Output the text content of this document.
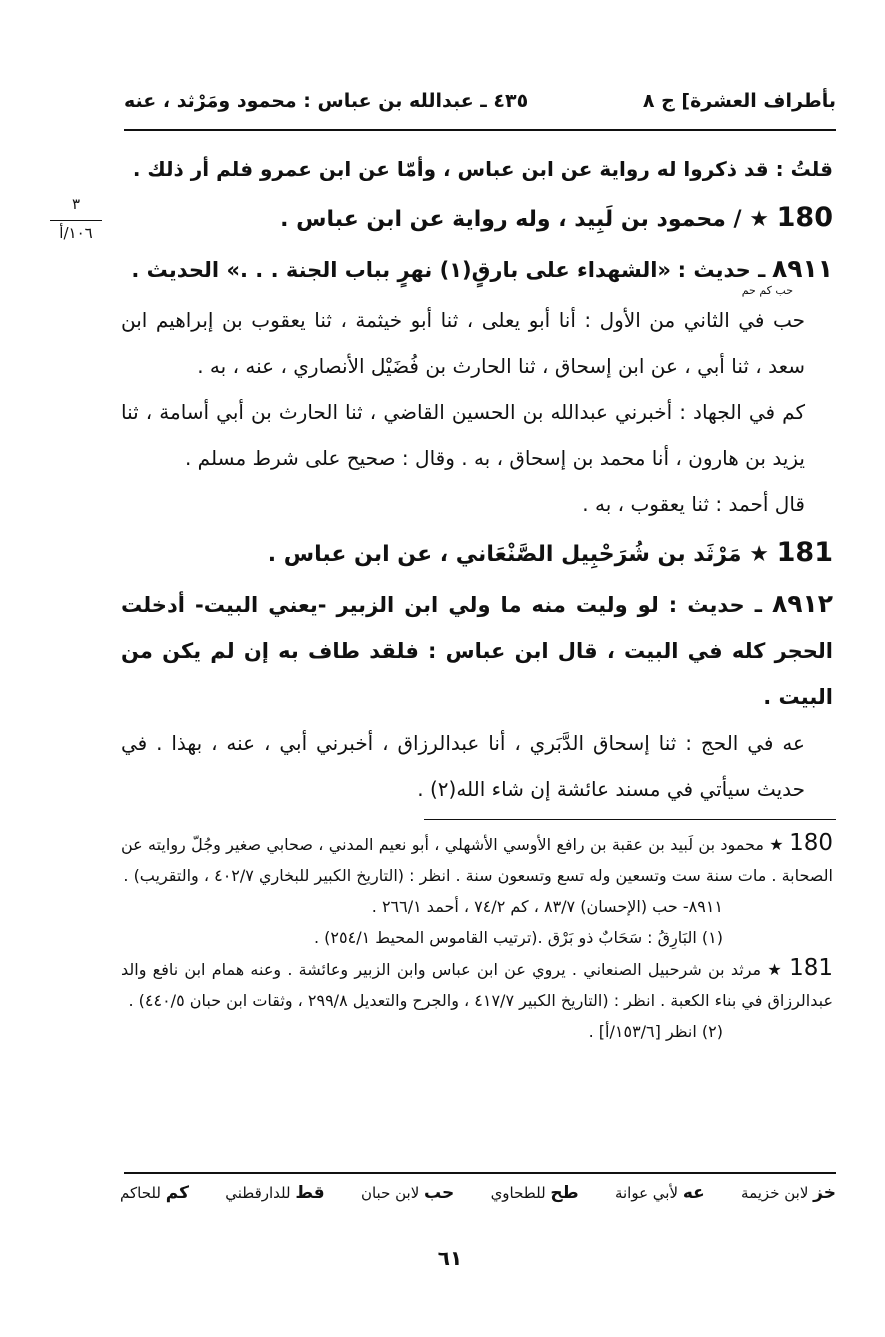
بأطراف العشرة] ج ٨
٤٣٥ ـ عبدالله بن عباس : محمود ومَرْثد ، عنه
٣
١٠٦/أ

قلتُ : قد ذكروا له رواية عن ابن عباس ، وأمّا عن ابن عمرو فلم أر ذلك .

180 ★ / محمود بن لَبِيد ، وله رواية عن ابن عباس .

٨٩١١ ـ حديث : «الشهداء على بارقٍ(١) نهرٍ بباب الجنة . . .» الحديث .
حب كم حم

حب في الثاني من الأول : أنا أبو يعلى ، ثنا أبو خيثمة ، ثنا يعقوب بن إبراهيم ابن سعد ، ثنا أبي ، عن ابن إسحاق ، ثنا الحارث بن فُضَيْل الأنصاري ، عنه ، به .

كم في الجهاد : أخبرني عبدالله بن الحسين القاضي ، ثنا الحارث بن أبي أسامة ، ثنا يزيد بن هارون ، أنا محمد بن إسحاق ، به . وقال : صحيح على شرط مسلم .

قال أحمد : ثنا يعقوب ، به .

181 ★ مَرْثَد بن شُرَحْبِيل الصَّنْعَاني ، عن ابن عباس .

٨٩١٢ ـ حديث : لو وليت منه ما ولي ابن الزبير -يعني البيت- أدخلت الحجر كله في البيت ، قال ابن عباس : فلقد طاف به إن لم يكن من البيت .

عه في الحج : ثنا إسحاق الدَّبَري ، أنا عبدالرزاق ، أخبرني أبي ، عنه ، بهذا . في حديث سيأتي في مسند عائشة إن شاء الله(٢) .

180 ★ محمود بن لَبيد بن عقبة بن رافع الأوسي الأشهلي ، أبو نعيم المدني ، صحابي صغير وجُلّ روايته عن الصحابة . مات سنة ست وتسعين وله تسع وتسعون سنة . انظر : (التاريخ الكبير للبخاري ٤٠٢/٧ ، والتقريب) .

٨٩١١- حب (الإحسان) ٨٣/٧ ، كم ٧٤/٢ ، أحمد ٢٦٦/١ .

(١) البَارِقُ : سَحَابٌ ذو بَرْق .(ترتيب القاموس المحيط ٢٥٤/١) .

181 ★ مرثد بن شرحبيل الصنعاني . يروي عن ابن عباس وابن الزبير وعائشة . وعنه همام ابن نافع والد عبدالرزاق في بناء الكعبة . انظر : (التاريخ الكبير ٤١٧/٧ ، والجرح والتعديل ٢٩٩/٨ ، وثقات ابن حبان ٤٤٠/٥) .

(٢) انظر [١٥٣/٦/أ] .

خز لابن خزيمة
عه لأبي عوانة
طح للطحاوي
حب لابن حبان
قط للدارقطني
كم للحاكم
٦١
